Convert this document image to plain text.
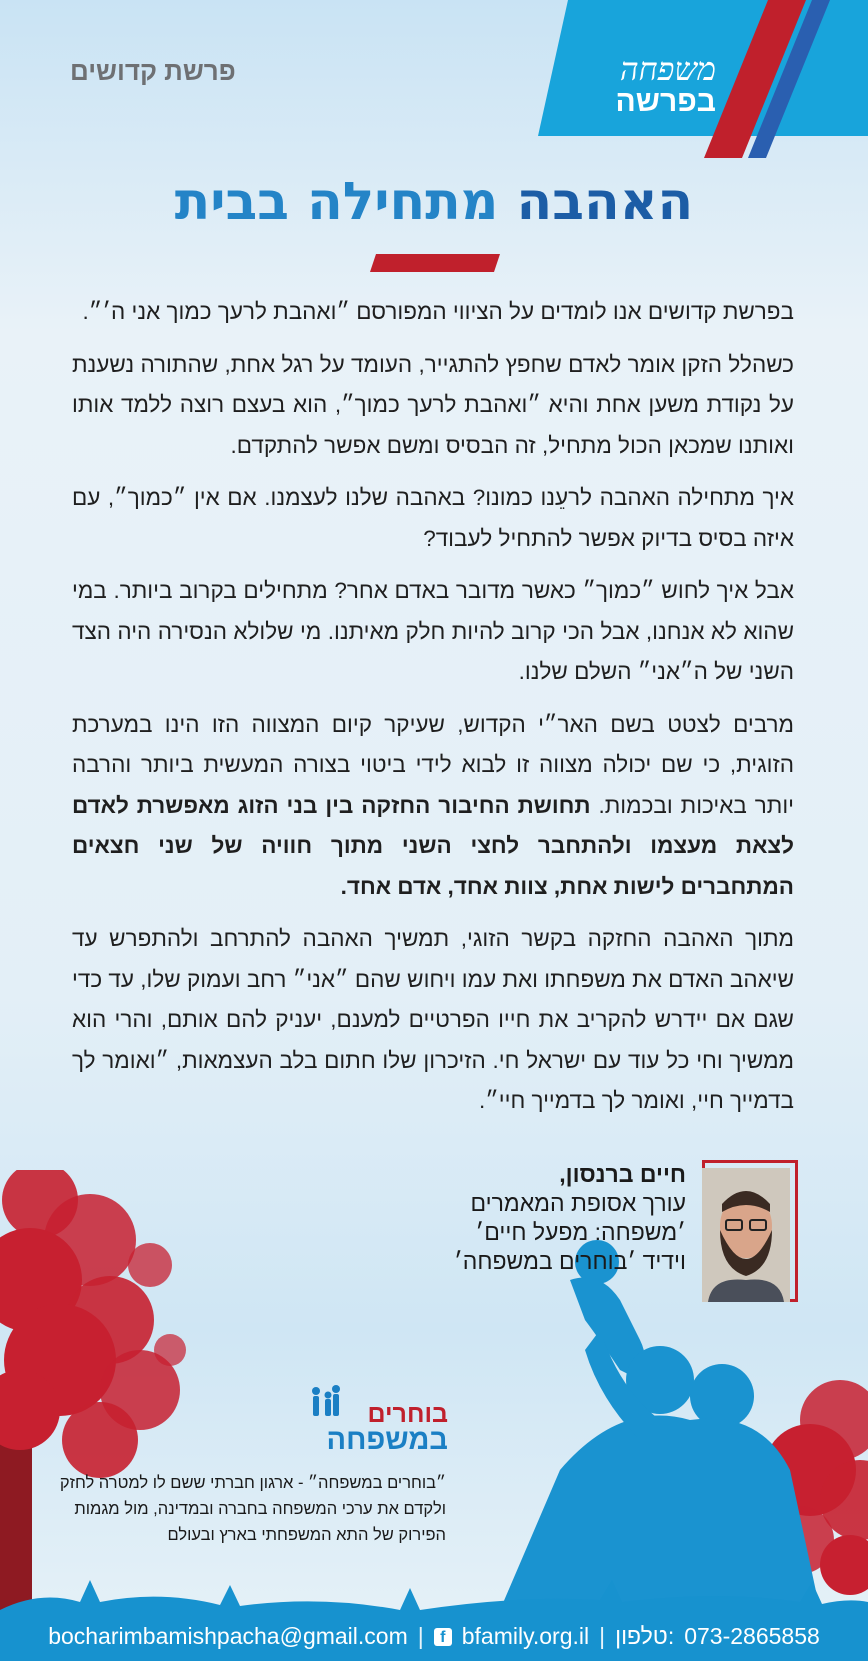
פרשת קדושים	משפחה
בפרשה
האהבה מתחילה בבית

בפרשת קדושים אנו לומדים על הציווי המפורסם ״ואהבת לרעך כמוך אני ה׳״.

כשהלל הזקן אומר לאדם שחפץ להתגייר, העומד על רגל אחת, שהתורה נשענת על נקודת משען אחת והיא ״ואהבת לרעך כמוך״, הוא בעצם רוצה ללמד אותו ואותנו שמכאן הכול מתחיל, זה הבסיס ומשם אפשר להתקדם.

איך מתחילה האהבה לרעֵנו כמונו? באהבה שלנו לעצמנו. אם אין ״כמוך״, עם איזה בסיס בדיוק אפשר להתחיל לעבוד?

אבל איך לחוש ״כמוך״ כאשר מדובר באדם אחר? מתחילים בקרוב ביותר. במי שהוא לא אנחנו, אבל הכי קרוב להיות חלק מאיתנו. מי שלולא הנסירה היה הצד השני של ה״אני״ השלם שלנו.

מרבים לצטט בשם האר״י הקדוש, שעיקר קיום המצווה הזו הינו במערכת הזוגית, כי שם יכולה מצווה זו לבוא לידי ביטוי בצורה המעשית ביותר והרבה יותר באיכות ובכמות. תחושת החיבור החזקה בין בני הזוג מאפשרת לאדם לצאת מעצמו ולהתחבר לחצי השני מתוך חוויה של שני חצאים המתחברים לישות אחת, צוות אחד, אדם אחד.

מתוך האהבה החזקה בקשר הזוגי, תמשיך האהבה להתרחב ולהתפרש עד שיאהב האדם את משפחתו ואת עמו ויחוש שהם ״אני״ רחב ועמוק שלו, עד כדי שגם אם יידרש להקריב את חייו הפרטיים למענם, יעניק להם אותם, והרי הוא ממשיך וחי כל עוד עם ישראל חי. הזיכרון שלו חתום בלב העצמאות, ״ואומר לך בדמייך חיי, ואומר לך בדמייך חיי״.

חיים ברנסון,
עורך אסופת המאמרים
׳משפחה: מפעל חיים׳
וידיד ׳בוחרים במשפחה׳
בוחרים
במשפחה
״בוחרים במשפחה״ - ארגון חברתי ששם לו למטרה לחזק ולקדם את ערכי המשפחה בחברה ובמדינה, מול מגמות הפירוק של התא המשפחתי בארץ ובעולם
bocharimbamishpacha@gmail.com |	f bfamily.org.il | טלפון: 073-2865858
